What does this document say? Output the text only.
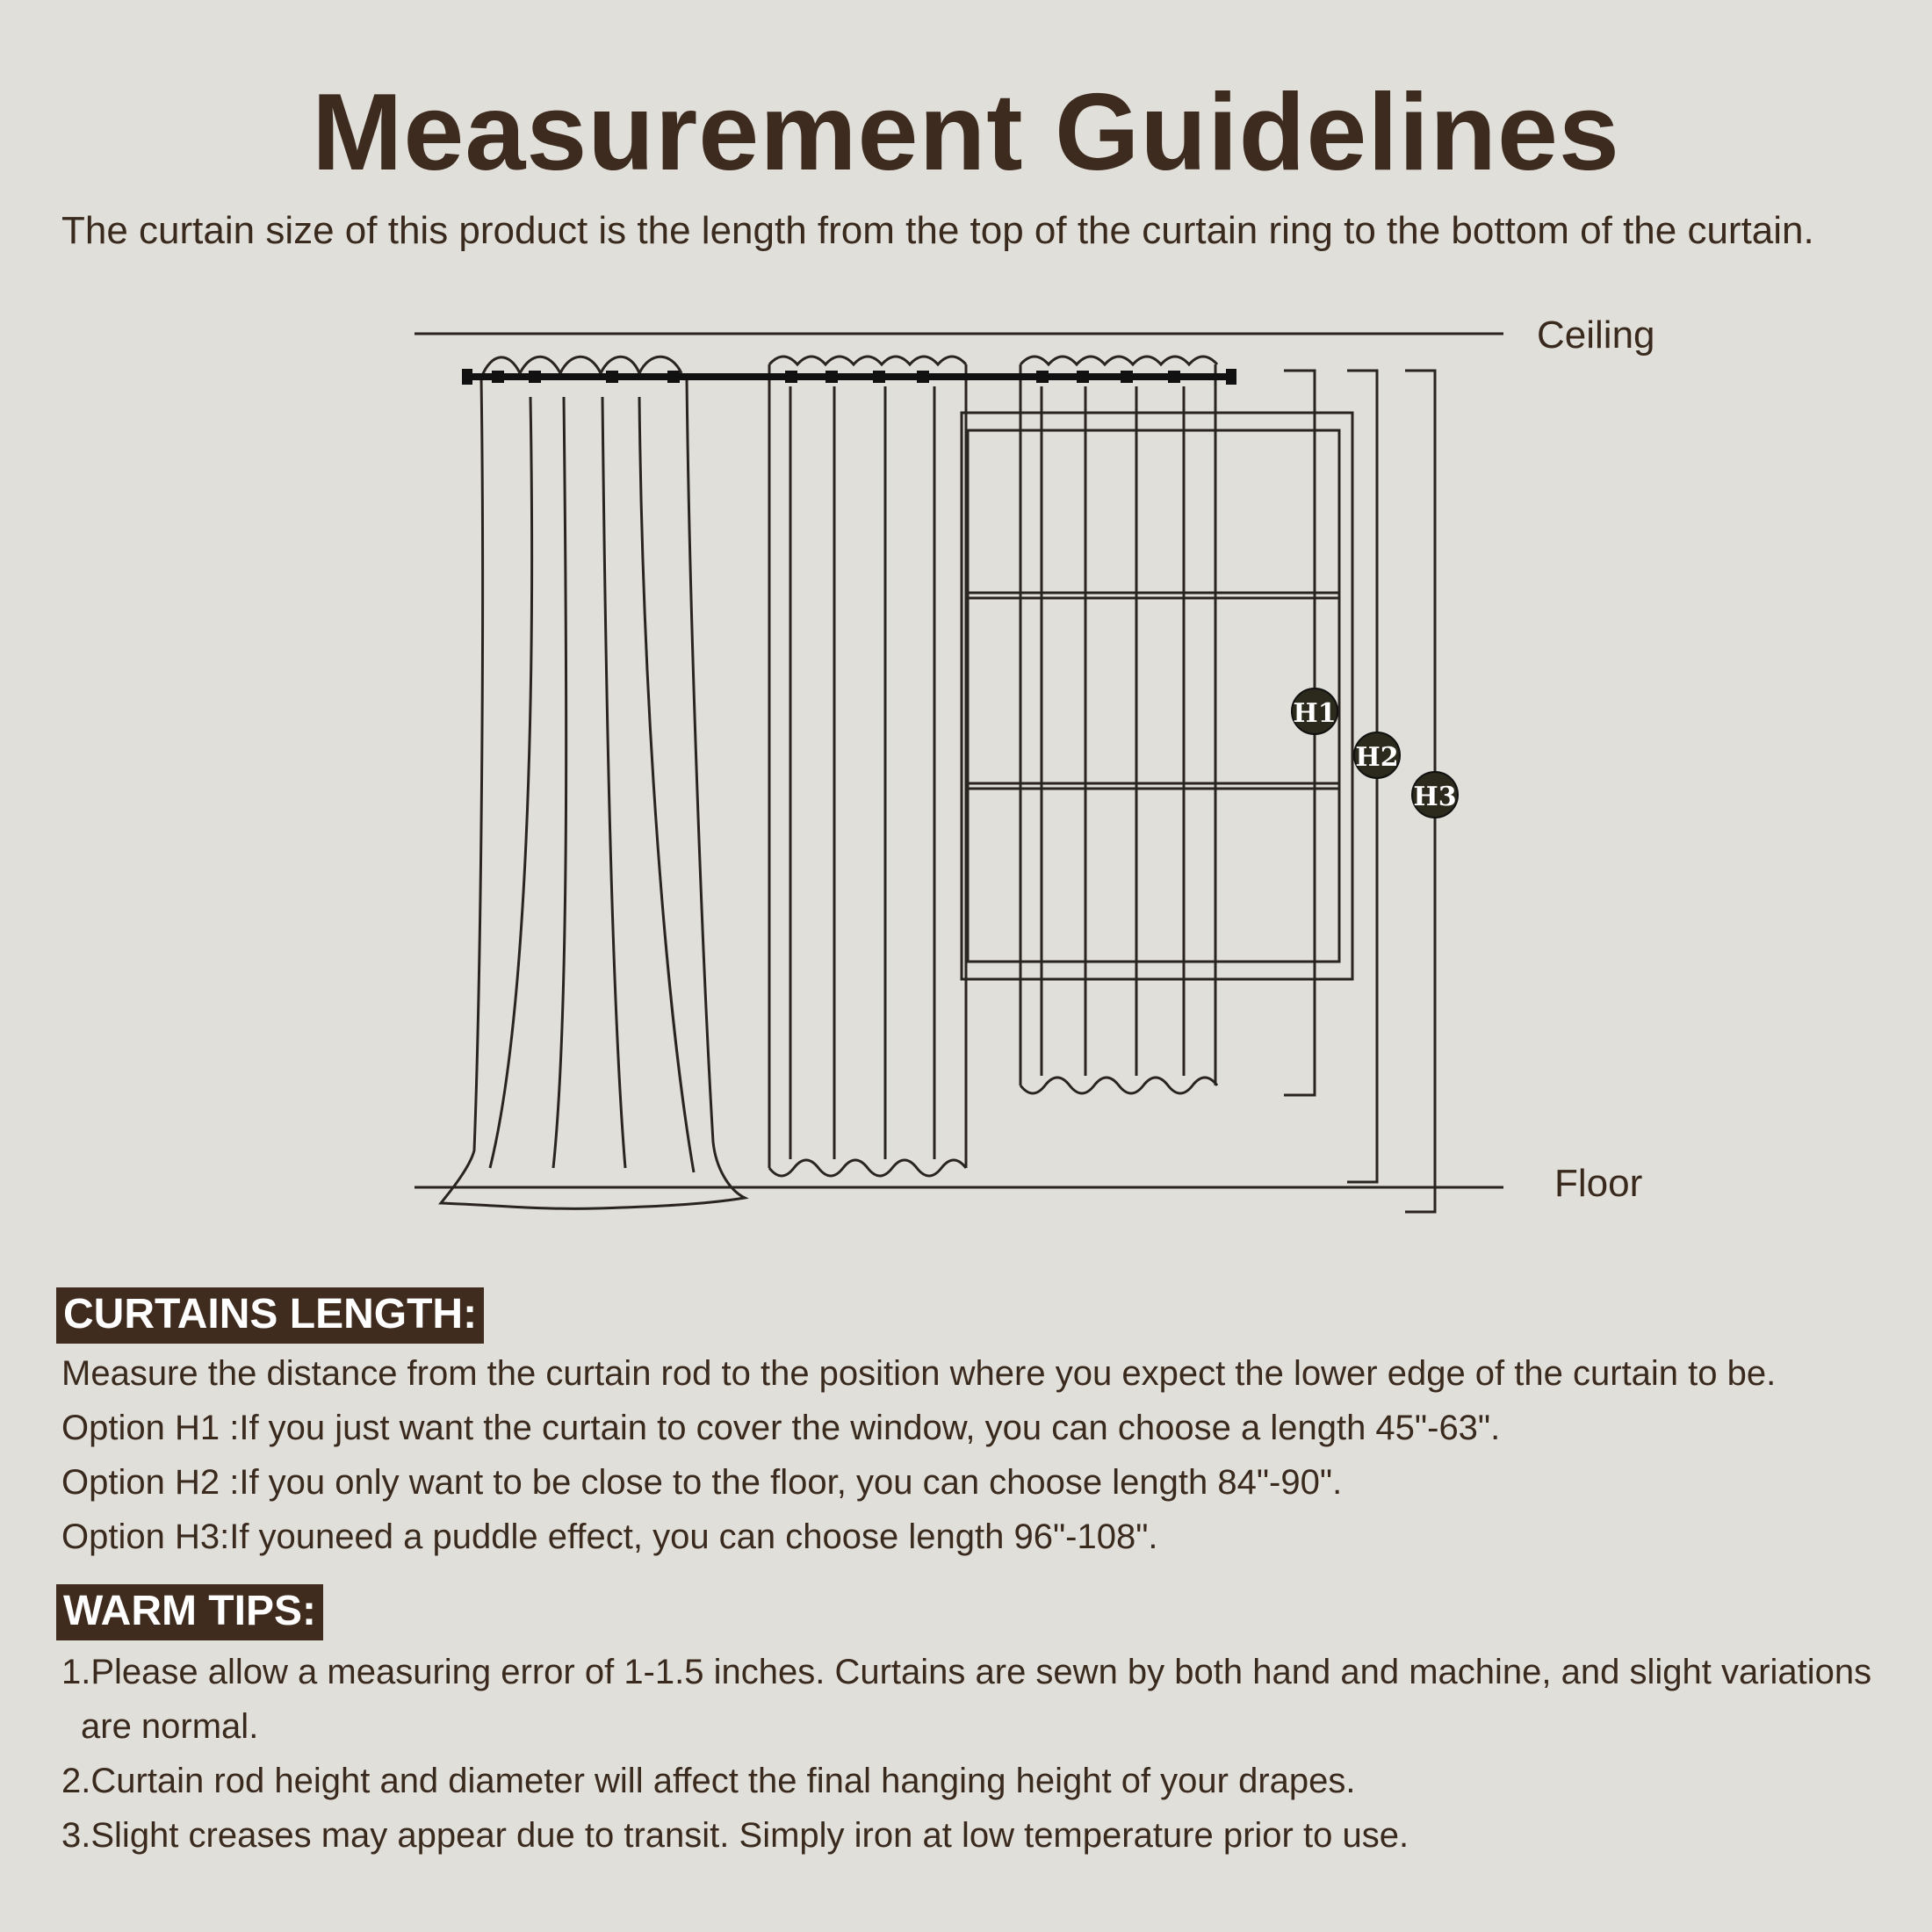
Measurement Guidelines
The curtain size of this product is the length from the top of the curtain ring to the bottom of the curtain.
H1
H2
H3
Ceiling
Floor
CURTAINS LENGTH:
Measure the distance from the curtain rod to the position where you expect the lower edge of the curtain to be.
Option H1 :If you just want the curtain to cover the window, you can choose a length 45"-63".
Option H2 :If you only want to be close to the floor, you can choose length 84"-90".
Option H3:If youneed a puddle effect, you can choose length 96"-108".
WARM TIPS:
1.Please allow a measuring error of 1-1.5 inches. Curtains are sewn by both hand and machine, and slight variations
are normal.
2.Curtain rod height and diameter will affect the final hanging height of your drapes.
3.Slight creases may appear due to transit. Simply iron at low temperature prior to use.
